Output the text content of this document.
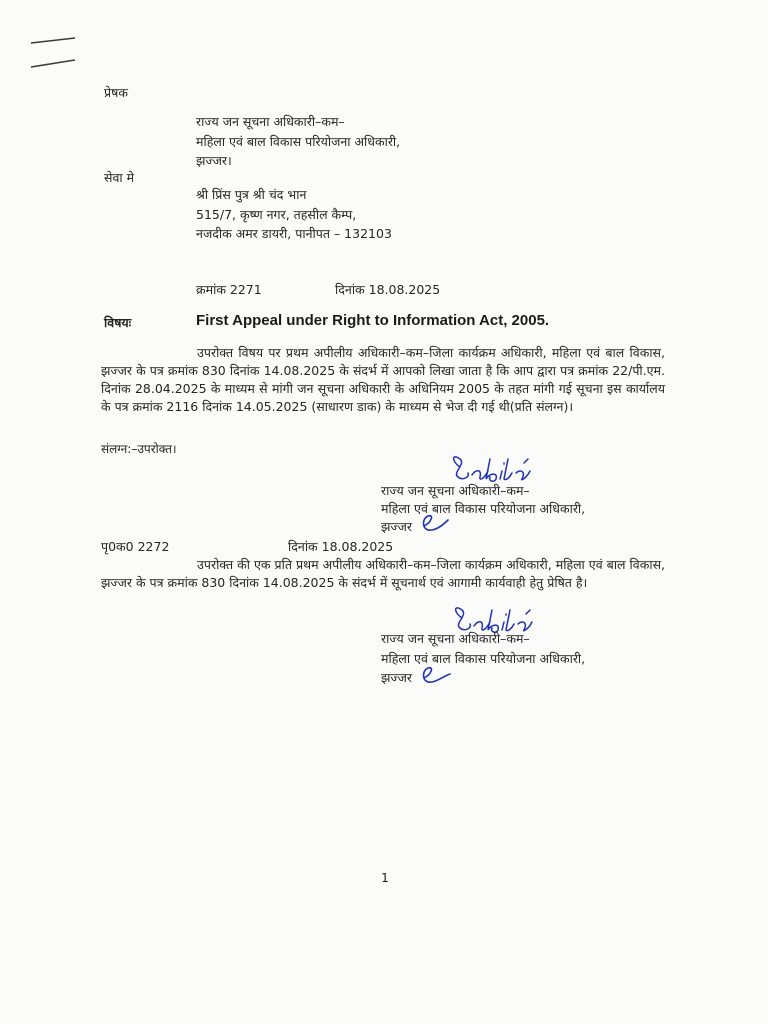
प्रेषक
राज्य जन सूचना अधिकारी–कम–
महिला एवं बाल विकास परियोजना अधिकारी,
झज्जर।
सेवा मे
श्री प्रिंस पुत्र श्री चंद भान
515/7, कृष्ण नगर, तहसील कैम्प,
नजदीक अमर डायरी, पानीपत – 132103
क्रमांक 2271	दिनांक 18.08.2025
विषयः	First Appeal under Right to Information Act, 2005.
उपरोक्त विषय पर प्रथम अपीलीय अधिकारी–कम–जिला कार्यक्रम अधिकारी, महिला एवं बाल विकास, झज्जर के पत्र क्रमांक 830 दिनांक 14.08.2025 के संदर्भ में आपको लिखा जाता है कि आप द्वारा पत्र क्रमांक 22/पी.एम. दिनांक 28.04.2025 के माध्यम से मांगी जन सूचना अधिकारी के अधिनियम 2005 के तहत मांगी गई सूचना इस कार्यालय के पत्र क्रमांक 2116 दिनांक 14.05.2025 (साधारण डाक) के माध्यम से भेज दी गई थी(प्रति संलग्न)।
संलग्न:–उपरोक्त।
राज्य जन सूचना अधिकारी–कम–
महिला एवं बाल विकास परियोजना अधिकारी,
झज्जर
पृ0क0 2272	दिनांक 18.08.2025
उपरोक्त की एक प्रति प्रथम अपीलीय अधिकारी–कम–जिला कार्यक्रम अधिकारी, महिला एवं बाल विकास, झज्जर के पत्र क्रमांक 830 दिनांक 14.08.2025 के संदर्भ में सूचनार्थ एवं आगामी कार्यवाही हेतु प्रेषित है।
राज्य जन सूचना अधिकारी–कम–
महिला एवं बाल विकास परियोजना अधिकारी,
झज्जर
1
